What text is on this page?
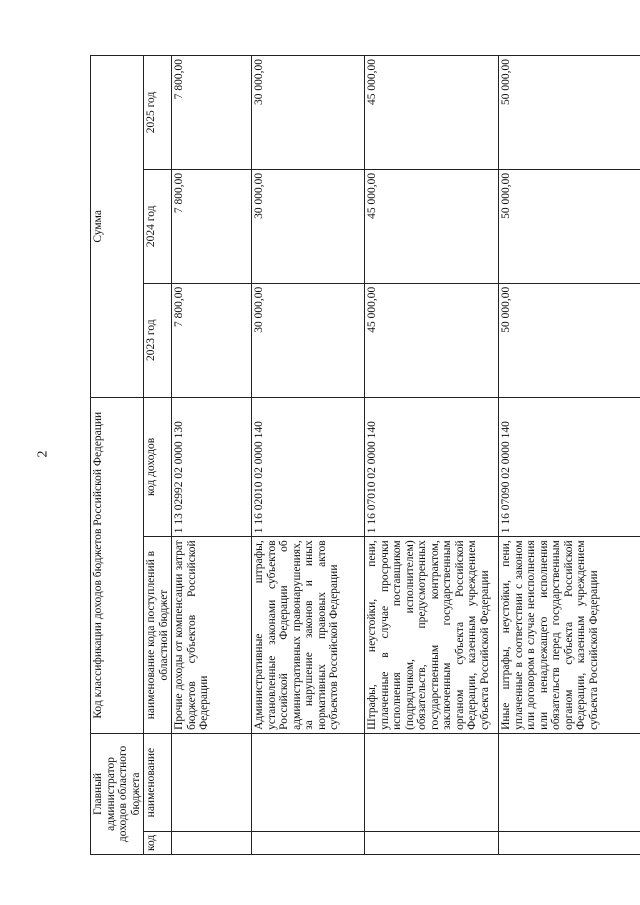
2
Главный администратор доходов областного бюджета		Код классификации доходов бюджетов Российской Федерации		Сумма		
код	наименование	наименование кода поступлений в областной бюджет	код доходов	2023 год	2024 год	2025 год
		Прочие доходы от компенсации затрат бюджетов субъектов Российской Федерации	1 13 02992 02 0000 130	7 800,00	7 800,00	7 800,00
		Административные штрафы, установленные законами субъектов Российской Федерации об административных правонарушениях, за нарушение законов и иных нормативных правовых актов субъектов Российской Федерации	1 16 02010 02 0000 140	30 000,00	30 000,00	30 000,00
		Штрафы, неустойки, пени, уплаченные в случае просрочки исполнения поставщиком (подрядчиком, исполнителем) обязательств, предусмотренных государственным контрактом, заключенным государственным органом субъекта Российской Федерации, казенным учреждением субъекта Российской Федерации	1 16 07010 02 0000 140	45 000,00	45 000,00	45 000,00
		Иные штрафы, неустойки, пени, уплаченные в соответствии с законом или договором в случае неисполнения или ненадлежащего исполнения обязательств перед государственным органом субъекта Российской Федерации, казенным учреждением субъекта Российской Федерации	1 16 07090 02 0000 140	50 000,00	50 000,00	50 000,00
